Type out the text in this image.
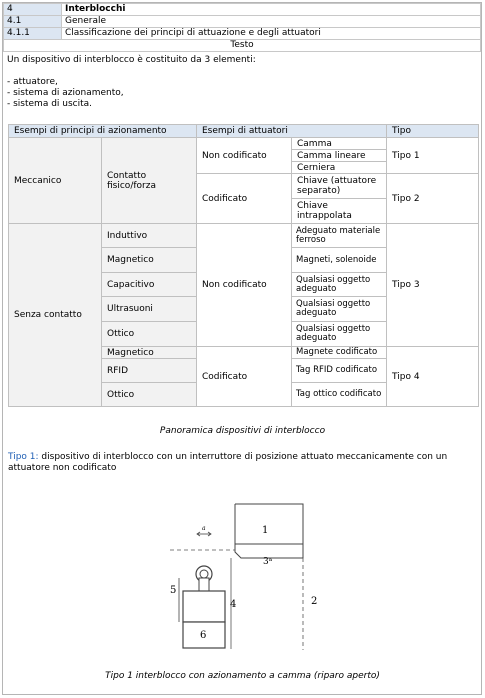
4	Interblocchi
4.1	Generale
4.1.1	Classificazione dei principi di attuazione e degli attuatori
Testo	
Un dispositivo di interblocco è costituito da 3 elementi:
- attuatore,
- sistema di azionamento,
- sistema di uscita.
Esempi di principi di azionamento		Esempi di attuatori		Tipo
Meccanico	Contatto fisico/forza	Non codificato	Camma	Tipo 1
			Camma lineare	
			Cerniera	
		Codificato	Chiave (attuatore separato)	Tipo 2
			Chiave intrappolata	
Senza contatto	Induttivo	Non codificato	Adeguato materiale ferroso	Tipo 3
	Magnetico		Magneti, solenoide	
	Capacitivo		Qualsiasi oggetto adeguato	
	Ultrasuoni		Qualsiasi oggetto adeguato	
	Ottico		Qualsiasi oggetto adeguato	
	Magnetico	Codificato	Magnete codificato	Tipo 4
	RFID		Tag RFID codificato	
	Ottico		Tag ottico codificato	
Panoramica dispositivi di interblocco
Tipo 1: dispositivo di interblocco con un interruttore di posizione attuato meccanicamente con un attuatore non codificato
5
1
3ᵃ
2
4
6
a
Tipo 1 interblocco con azionamento a camma (riparo aperto)
